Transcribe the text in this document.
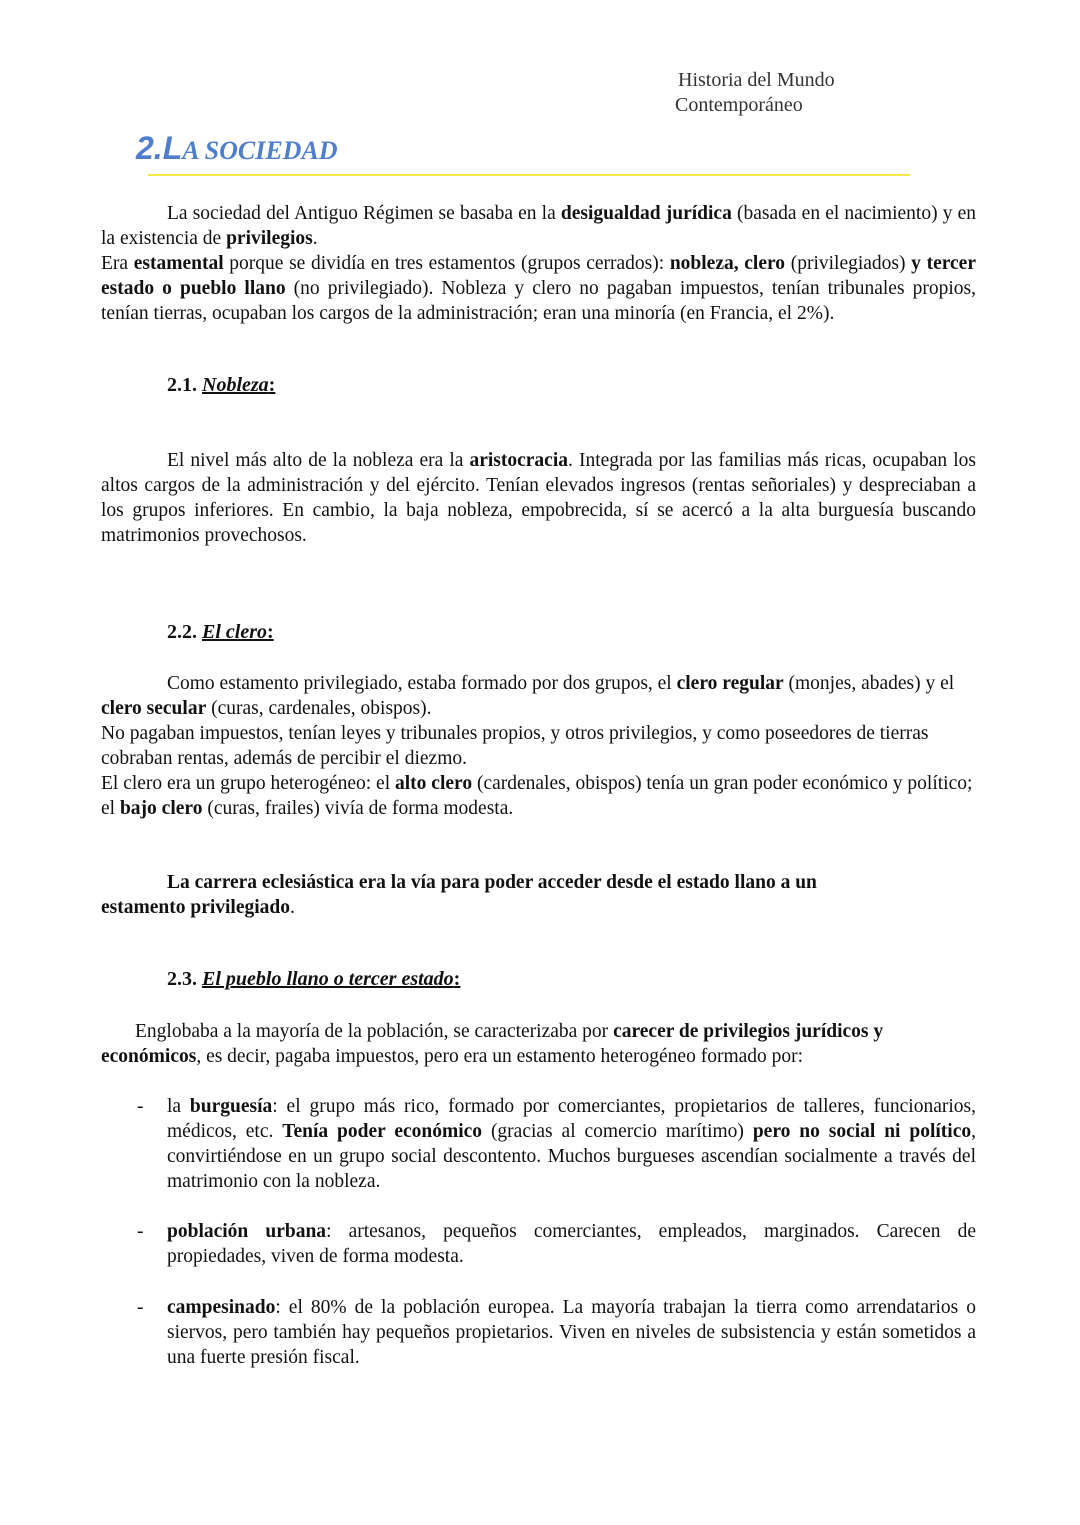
Historia del Mundo
Contemporáneo
2.LA SOCIEDAD
La sociedad del Antiguo Régimen se basaba en la desigualdad jurídica (basada en el nacimiento) y en la existencia de privilegios.
Era estamental porque se dividía en tres estamentos (grupos cerrados): nobleza, clero (privilegiados) y tercer estado o pueblo llano (no privilegiado). Nobleza y clero no pagaban impuestos, tenían tribunales propios, tenían tierras, ocupaban los cargos de la administración; eran una minoría (en Francia, el 2%).
2.1. Nobleza:
El nivel más alto de la nobleza era la aristocracia. Integrada por las familias más ricas, ocupaban los altos cargos de la administración y del ejército. Tenían elevados ingresos (rentas señoriales) y despreciaban a los grupos inferiores. En cambio, la baja nobleza, empobrecida, sí se acercó a la alta burguesía buscando matrimonios provechosos.
2.2. El clero:
Como estamento privilegiado, estaba formado por dos grupos, el clero regular (monjes, abades) y el clero secular (curas, cardenales, obispos).
No pagaban impuestos, tenían leyes y tribunales propios, y otros privilegios, y como poseedores de tierras cobraban rentas, además de percibir el diezmo.
El clero era un grupo heterogéneo: el alto clero (cardenales, obispos) tenía un gran poder económico y político; el bajo clero (curas, frailes) vivía de forma modesta.
La carrera eclesiástica era la vía para poder acceder desde el estado llano a un estamento privilegiado.
2.3. El pueblo llano o tercer estado:
Englobaba a la mayoría de la población, se caracterizaba por carecer de privilegios jurídicos y económicos, es decir, pagaba impuestos, pero era un estamento heterogéneo formado por:
- la burguesía: el grupo más rico, formado por comerciantes, propietarios de talleres, funcionarios, médicos, etc. Tenía poder económico (gracias al comercio marítimo) pero no social ni político, convirtiéndose en un grupo social descontento. Muchos burgueses ascendían socialmente a través del matrimonio con la nobleza.
- población urbana: artesanos, pequeños comerciantes, empleados, marginados. Carecen de propiedades, viven de forma modesta.
- campesinado: el 80% de la población europea. La mayoría trabajan la tierra como arrendatarios o siervos, pero también hay pequeños propietarios. Viven en niveles de subsistencia y están sometidos a una fuerte presión fiscal.
